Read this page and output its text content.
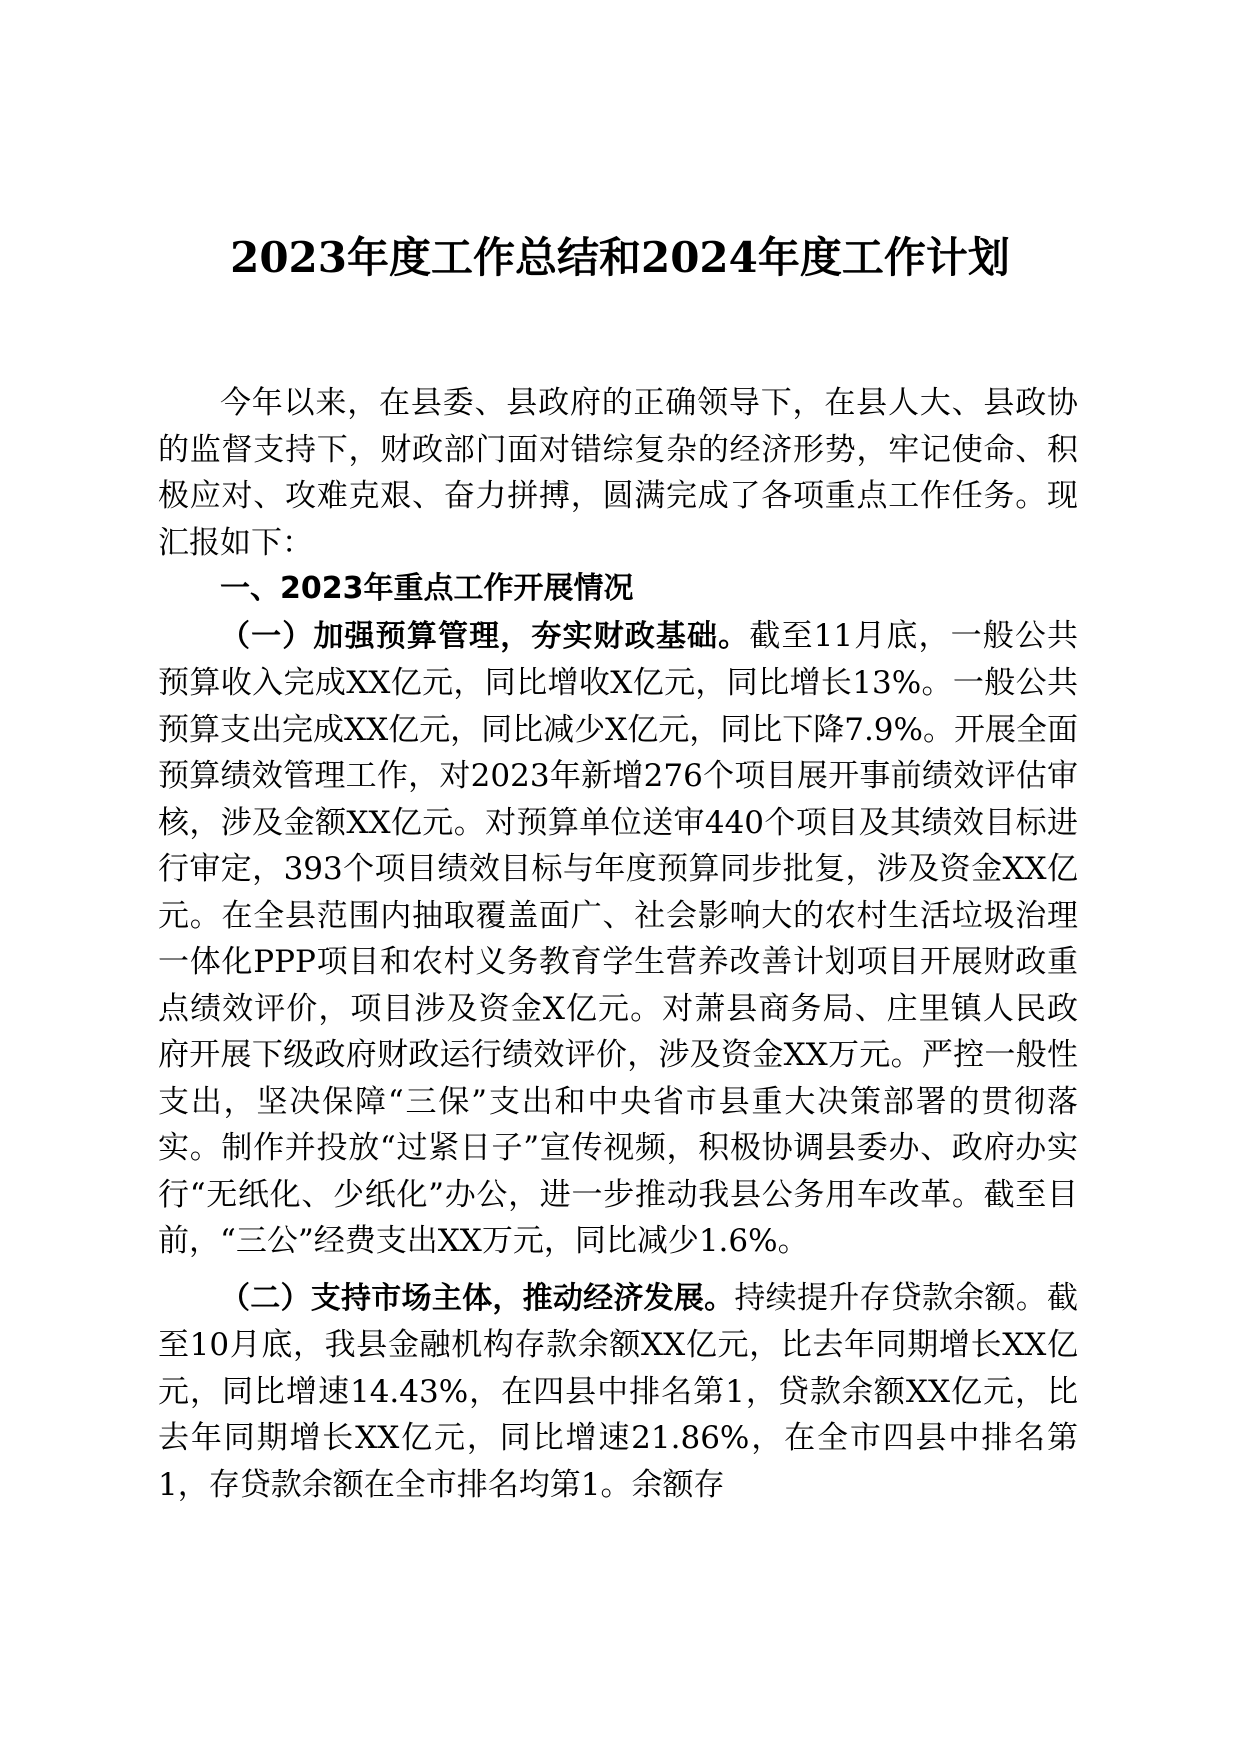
2023年度工作总结和2024年度工作计划

今年以来，在县委、县政府的正确领导下，在县人大、县政协的监督支持下，财政部门面对错综复杂的经济形势，牢记使命、积极应对、攻难克艰、奋力拼搏，圆满完成了各项重点工作任务。现汇报如下：

一、2023年重点工作开展情况

（一）加强预算管理，夯实财政基础。截至11月底，一般公共预算收入完成XX亿元，同比增收X亿元，同比增长13%。一般公共预算支出完成XX亿元，同比减少X亿元，同比下降7.9%。开展全面预算绩效管理工作，对2023年新增276个项目展开事前绩效评估审核，涉及金额XX亿元。对预算单位送审440个项目及其绩效目标进行审定，393个项目绩效目标与年度预算同步批复，涉及资金XX亿元。在全县范围内抽取覆盖面广、社会影响大的农村生活垃圾治理一体化PPP项目和农村义务教育学生营养改善计划项目开展财政重点绩效评价，项目涉及资金X亿元。对萧县商务局、庄里镇人民政府开展下级政府财政运行绩效评价，涉及资金XX万元。严控一般性支出，坚决保障“三保”支出和中央省市县重大决策部署的贯彻落实。制作并投放“过紧日子”宣传视频，积极协调县委办、政府办实行“无纸化、少纸化”办公，进一步推动我县公务用车改革。截至目前，“三公”经费支出XX万元，同比减少1.6%。

（二）支持市场主体，推动经济发展。持续提升存贷款余额。截至10月底，我县金融机构存款余额XX亿元，比去年同期增长XX亿元，同比增速14.43%，在四县中排名第1，贷款余额XX亿元，比去年同期增长XX亿元，同比增速21.86%，在全市四县中排名第1，存贷款余额在全市排名均第1。余额存
